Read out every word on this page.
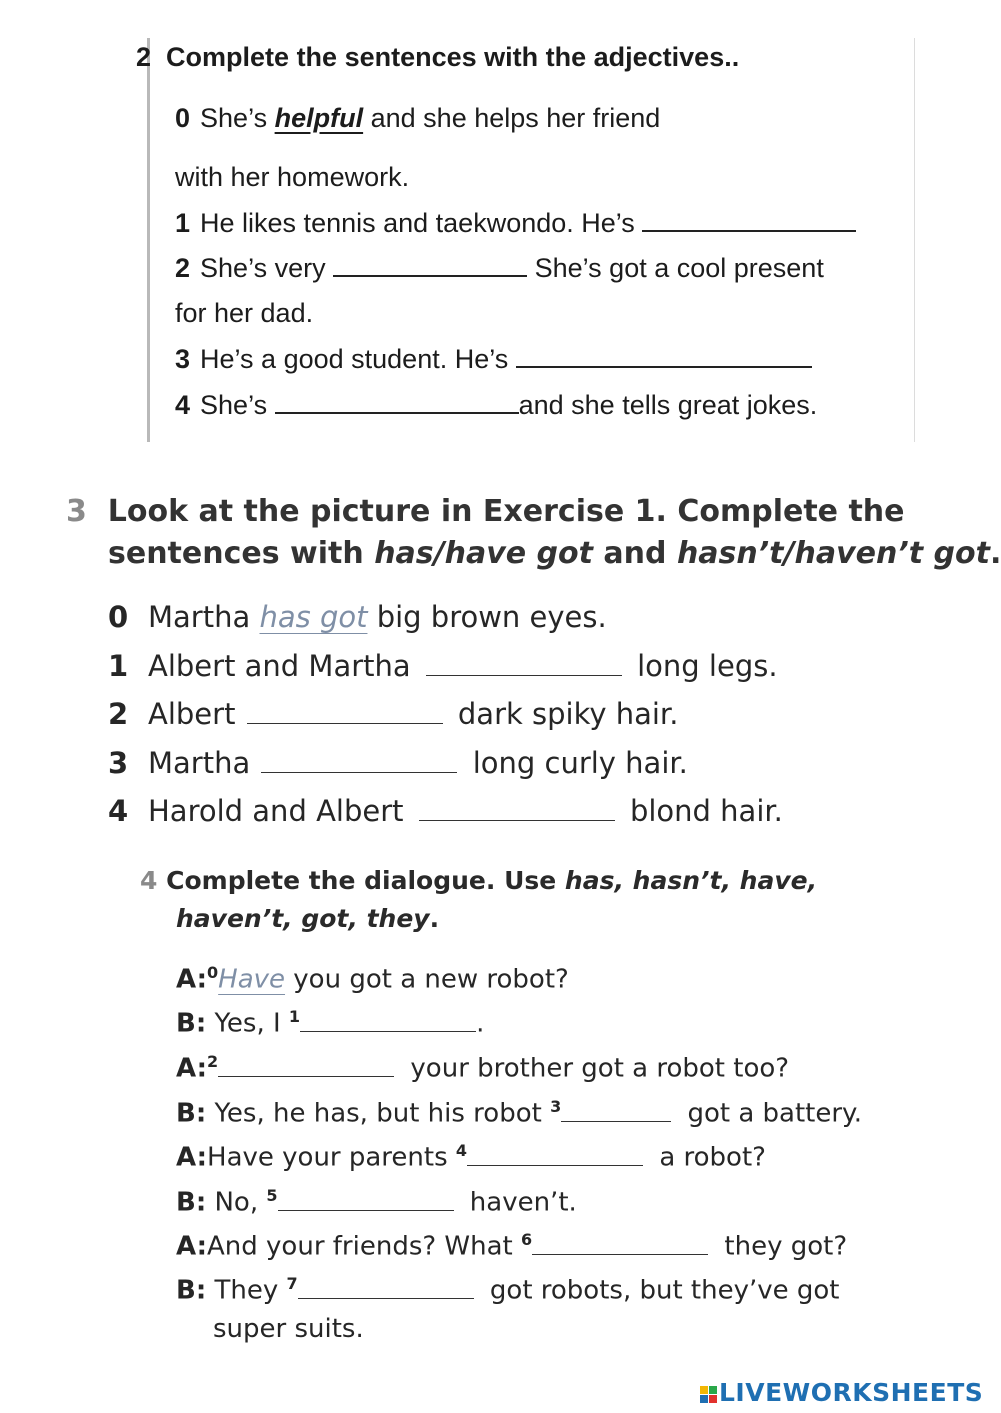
2 Complete the sentences with the adjectives..
0 She’s helpful and she helps her friend
with her homework.
1 He likes tennis and taekwondo. He’s
2 She’s very	She’s got a cool present
for her dad.
3 He’s a good student. He’s
4 She’s	and she tells great jokes.
3 Look at the picture in Exercise 1. Complete the
sentences with has/have got and hasn’t/haven’t got.
0 Martha has got big brown eyes.
1 Albert and Martha	long legs.
2 Albert	dark spiky hair.
3 Martha	long curly hair.
4 Harold and Albert	blond hair.
4 Complete the dialogue. Use has, hasn’t, have,
haven’t, got, they.
A:$^0$Have you got a new robot?
B: Yes, I $^1$	.
A:$^2$	your brother got a robot too?
B: Yes, he has, but his robot $^3$	got a battery.
A:Have your parents $^4$	a robot?
B: No, $^5$	haven’t.
A:And your friends? What $^6$	they got?
B: They $^7$	got robots, but they’ve got
super suits.
LIVEWORKSHEETS
